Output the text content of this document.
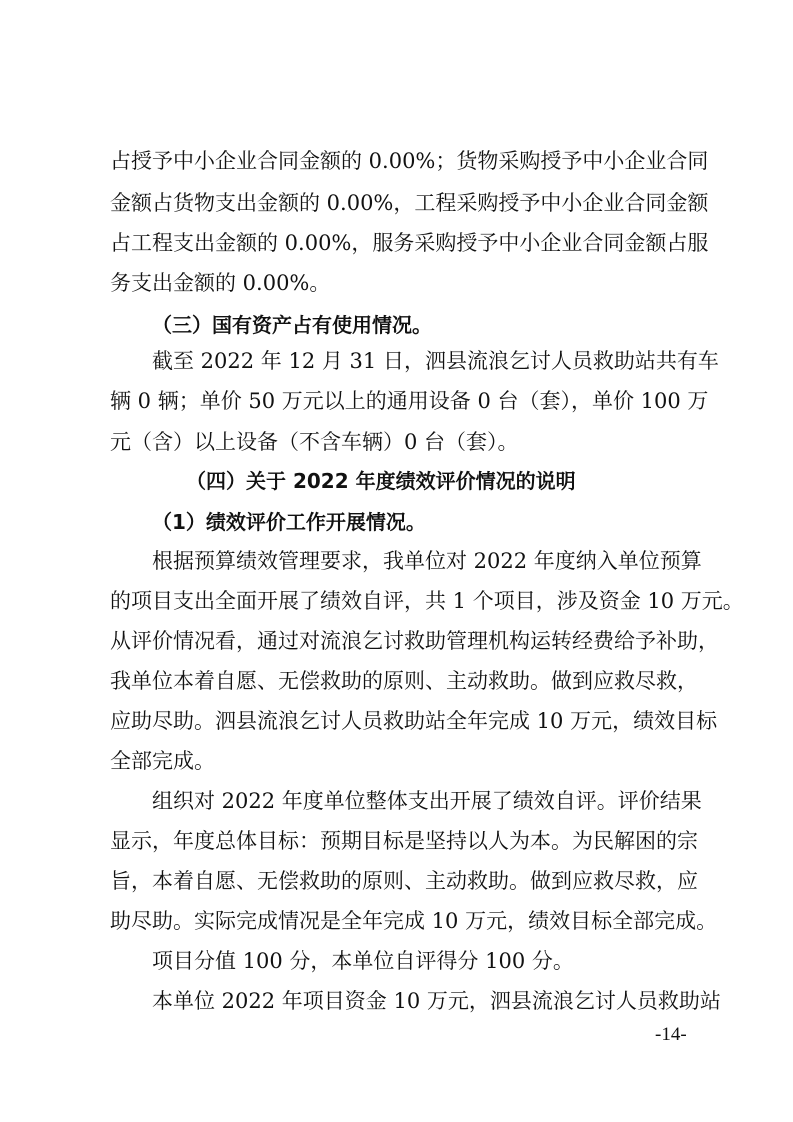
占授予中小企业合同金额的 0.00%；货物采购授予中小企业合同
金额占货物支出金额的 0.00%，工程采购授予中小企业合同金额
占工程支出金额的 0.00%，服务采购授予中小企业合同金额占服
务支出金额的 0.00%。
（三）国有资产占有使用情况。
截至 2022 年 12 月 31 日，泗县流浪乞讨人员救助站共有车
辆 0 辆；单价 50 万元以上的通用设备 0 台（套），单价 100 万
元（含）以上设备（不含车辆）0 台（套）。
（四）关于 2022 年度绩效评价情况的说明
（1）绩效评价工作开展情况。
根据预算绩效管理要求，我单位对 2022 年度纳入单位预算
的项目支出全面开展了绩效自评，共 1 个项目，涉及资金 10 万元。
从评价情况看，通过对流浪乞讨救助管理机构运转经费给予补助，
我单位本着自愿、无偿救助的原则、主动救助。做到应救尽救，
应助尽助。泗县流浪乞讨人员救助站全年完成 10 万元，绩效目标
全部完成。
组织对 2022 年度单位整体支出开展了绩效自评。评价结果
显示，年度总体目标：预期目标是坚持以人为本。为民解困的宗
旨，本着自愿、无偿救助的原则、主动救助。做到应救尽救，应
助尽助。实际完成情况是全年完成 10 万元，绩效目标全部完成。
项目分值 100 分，本单位自评得分 100 分。
本单位 2022 年项目资金 10 万元，泗县流浪乞讨人员救助站
-14-
